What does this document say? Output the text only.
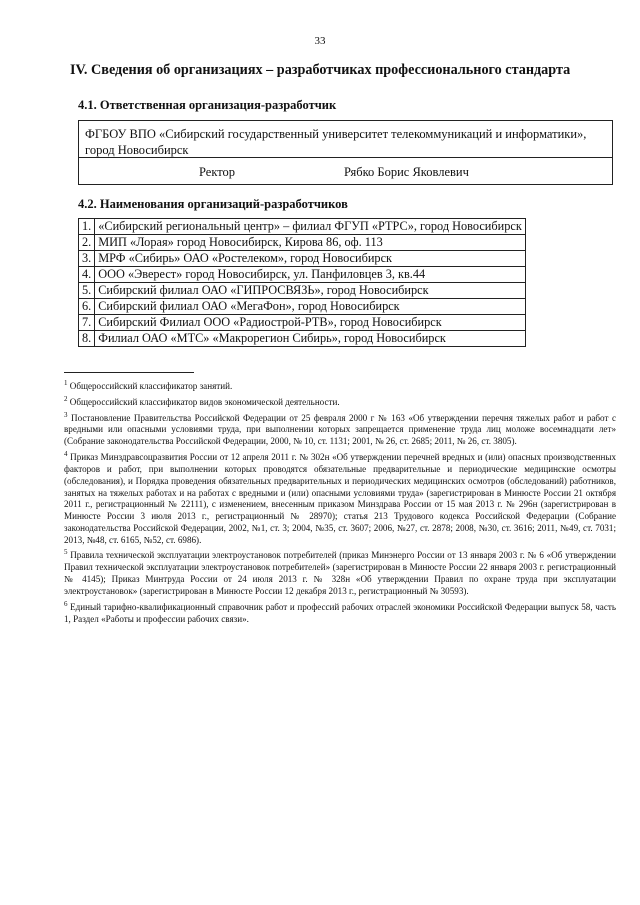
33
IV. Сведения об организациях – разработчиках профессионального стандарта
4.1. Ответственная организация-разработчик
ФГБОУ ВПО «Сибирский государственный университет телекоммуникаций и информатики», город Новосибирск
Ректор	Рябко Борис Яковлевич
4.2. Наименования организаций-разработчиков
1.	«Сибирский региональный центр» – филиал ФГУП «РТРС», город Новосибирск
2.	МИП «Лорая» город Новосибирск, Кирова 86, оф. 113
3.	МРФ «Сибирь» ОАО «Ростелеком», город Новосибирск
4.	ООО «Эверест» город Новосибирск, ул. Панфиловцев 3, кв.44
5.	Сибирский филиал ОАО «ГИПРОСВЯЗЬ», город Новосибирск
6.	Сибирский филиал ОАО «МегаФон», город Новосибирск
7.	Сибирский Филиал ООО «Радиострой-РТВ», город Новосибирск
8.	Филиал ОАО «МТС» «Макрорегион Сибирь», город Новосибирск

$^1$ Общероссийский классификатор занятий.

$^2$ Общероссийский классификатор видов экономической деятельности.

$^3$ Постановление Правительства Российской Федерации от 25 февраля 2000 г № 163 «Об утверждении перечня тяжелых работ и работ с вредными или опасными условиями труда, при выполнении которых запрещается применение труда лиц моложе восемнадцати лет» (Собрание законодательства Российской Федерации, 2000, № 10, ст. 1131; 2001, № 26, ст. 2685; 2011, № 26, ст. 3805).

$^4$ Приказ Минздравсоцразвития России от 12 апреля 2011 г. № 302н «Об утверждении перечней вредных и (или) опасных производственных факторов и работ, при выполнении которых проводятся обязательные предварительные и периодические медицинские осмотры (обследования), и Порядка проведения обязательных предварительных и периодических медицинских осмотров (обследований) работников, занятых на тяжелых работах и на работах с вредными и (или) опасными условиями труда» (зарегистрирован в Минюсте России 21 октября 2011 г., регистрационный № 22111), с изменением, внесенным приказом Минздрава России от 15 мая 2013 г. № 296н (зарегистрирован в Минюсте России 3 июля 2013 г., регистрационный № 28970); статья 213 Трудового кодекса Российской Федерации (Собрание законодательства Российской Федерации, 2002, №1, ст. 3; 2004, №35, ст. 3607; 2006, №27, ст. 2878; 2008, №30, ст. 3616; 2011, №49, ст. 7031; 2013, №48, ст. 6165, №52, ст. 6986).

$^5$ Правила технической эксплуатации электроустановок потребителей (приказ Минэнерго России от 13 января 2003 г. № 6 «Об утверждении Правил технической эксплуатации электроустановок потребителей» (зарегистрирован в Минюсте России 22 января 2003 г. регистрационный № 4145); Приказ Минтруда России от 24 июля 2013 г. № 328н «Об утверждении Правил по охране труда при эксплуатации электроустановок» (зарегистрирован в Минюсте России 12 декабря 2013 г., регистрационный № 30593).

$^6$ Единый тарифно-квалификационный справочник работ и профессий рабочих отраслей экономики Российской Федерации выпуск 58, часть 1, Раздел «Работы и профессии рабочих связи».
